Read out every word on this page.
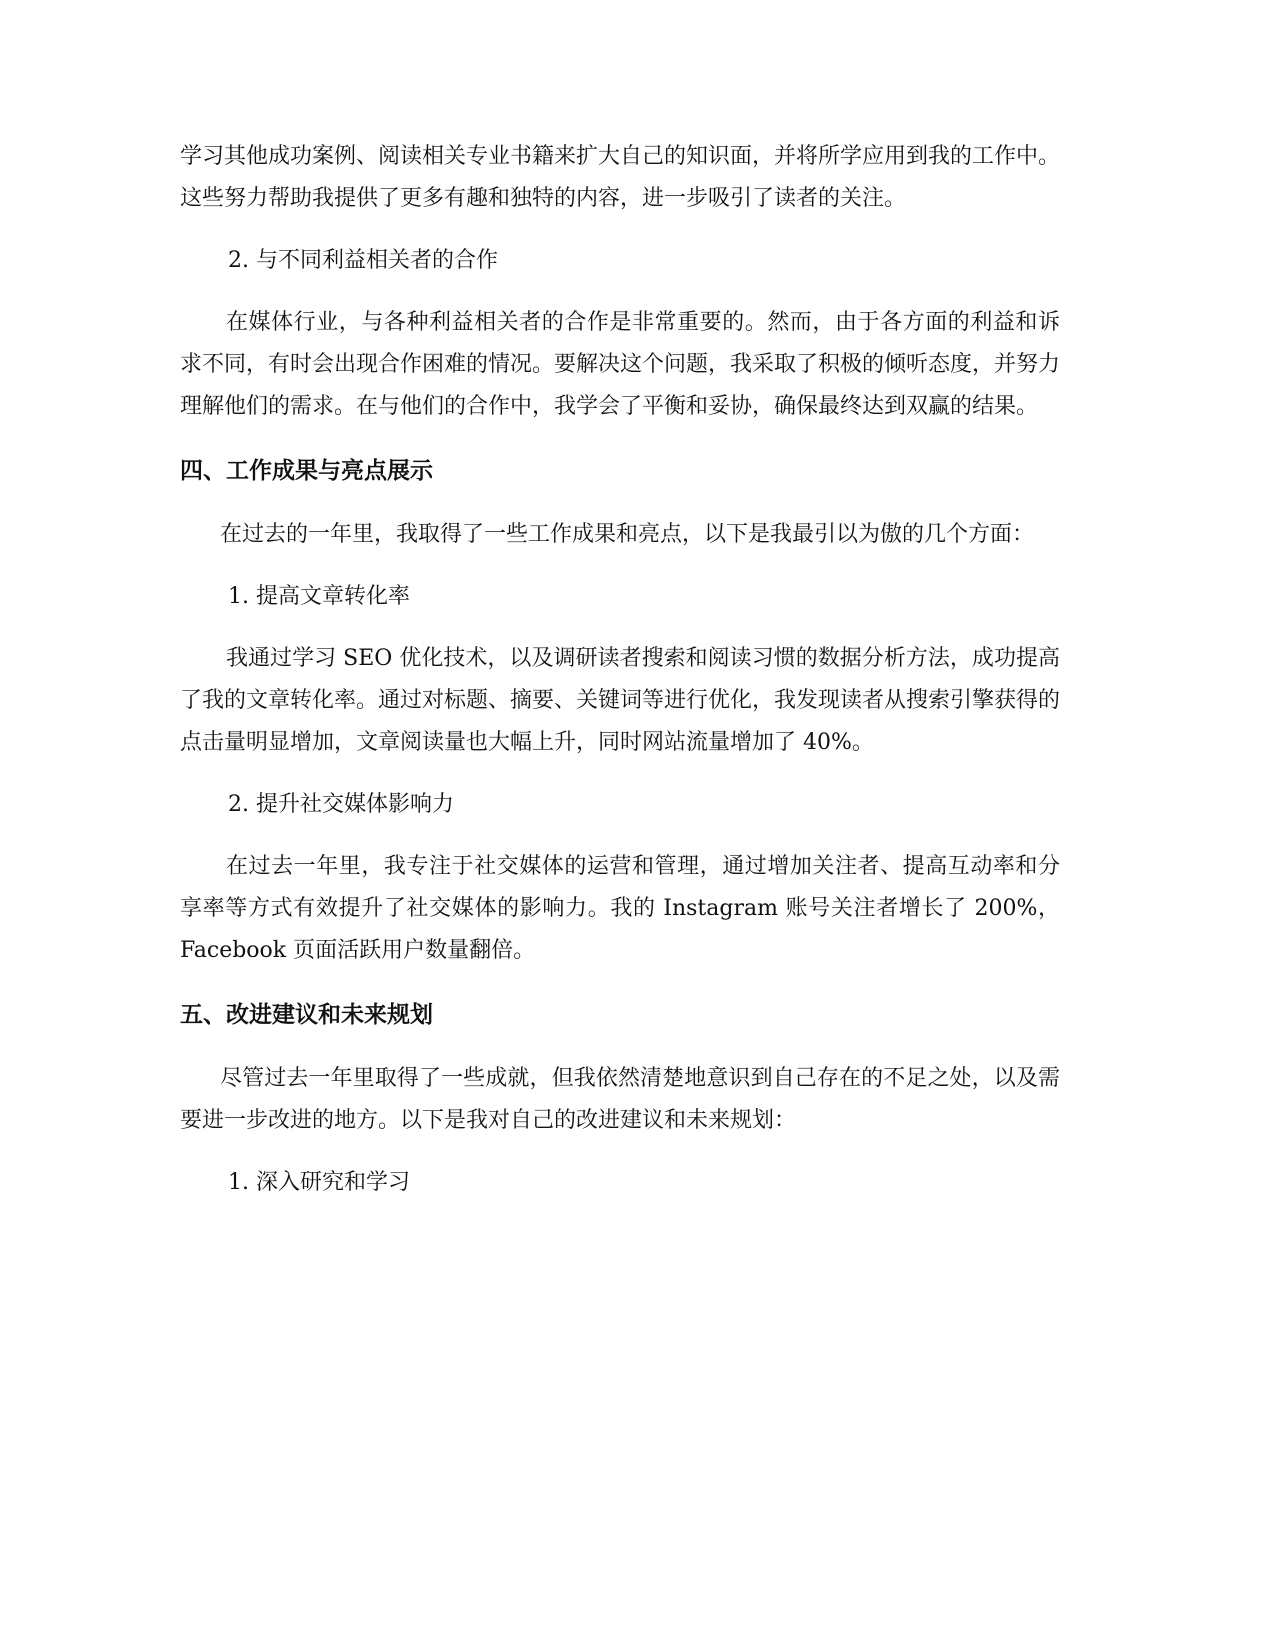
学习其他成功案例、阅读相关专业书籍来扩大自己的知识面，并将所学应用到我的工作中。这些努力帮助我提供了更多有趣和独特的内容，进一步吸引了读者的关注。

2. 与不同利益相关者的合作

在媒体行业，与各种利益相关者的合作是非常重要的。然而，由于各方面的利益和诉求不同，有时会出现合作困难的情况。要解决这个问题，我采取了积极的倾听态度，并努力理解他们的需求。在与他们的合作中，我学会了平衡和妥协，确保最终达到双赢的结果。

四、工作成果与亮点展示

在过去的一年里，我取得了一些工作成果和亮点，以下是我最引以为傲的几个方面：

1. 提高文章转化率

我通过学习 SEO 优化技术，以及调研读者搜索和阅读习惯的数据分析方法，成功提高了我的文章转化率。通过对标题、摘要、关键词等进行优化，我发现读者从搜索引擎获得的点击量明显增加，文章阅读量也大幅上升，同时网站流量增加了 40%。

2. 提升社交媒体影响力

在过去一年里，我专注于社交媒体的运营和管理，通过增加关注者、提高互动率和分享率等方式有效提升了社交媒体的影响力。我的 Instagram 账号关注者增长了 200%，Facebook 页面活跃用户数量翻倍。

五、改进建议和未来规划

尽管过去一年里取得了一些成就，但我依然清楚地意识到自己存在的不足之处，以及需要进一步改进的地方。以下是我对自己的改进建议和未来规划：

1. 深入研究和学习
